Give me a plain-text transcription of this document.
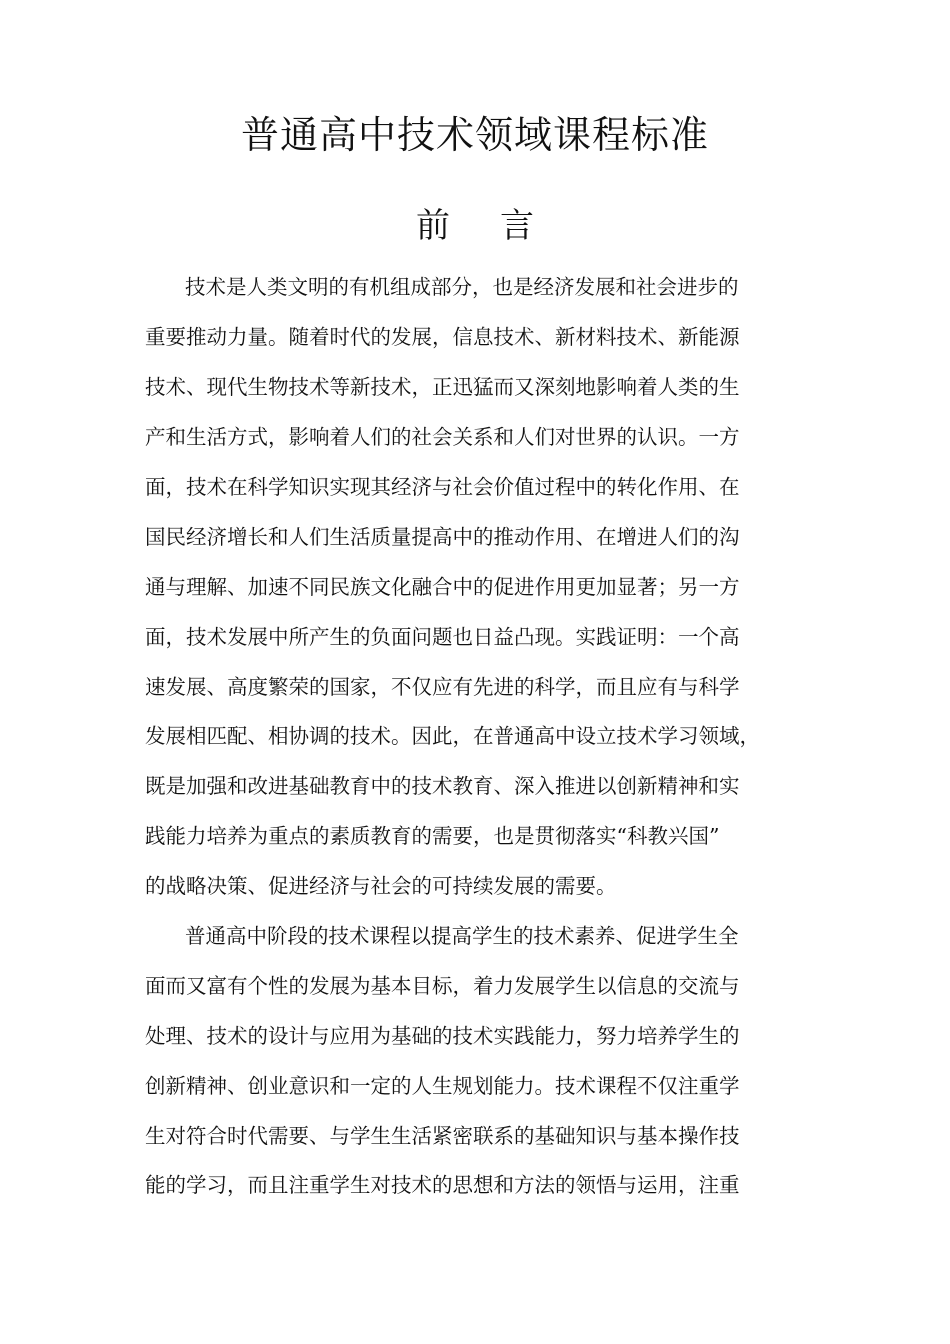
普通高中技术领域课程标准
前 言

技术是人类文明的有机组成部分，也是经济发展和社会进步的

重要推动力量。随着时代的发展，信息技术、新材料技术、新能源

技术、现代生物技术等新技术，正迅猛而又深刻地影响着人类的生

产和生活方式，影响着人们的社会关系和人们对世界的认识。一方

面，技术在科学知识实现其经济与社会价值过程中的转化作用、在

国民经济增长和人们生活质量提高中的推动作用、在增进人们的沟

通与理解、加速不同民族文化融合中的促进作用更加显著；另一方

面，技术发展中所产生的负面问题也日益凸现。实践证明：一个高

速发展、高度繁荣的国家，不仅应有先进的科学，而且应有与科学

发展相匹配、相协调的技术。因此，在普通高中设立技术学习领域，

既是加强和改进基础教育中的技术教育、深入推进以创新精神和实

践能力培养为重点的素质教育的需要，也是贯彻落实“科教兴国”

的战略决策、促进经济与社会的可持续发展的需要。

普通高中阶段的技术课程以提高学生的技术素养、促进学生全

面而又富有个性的发展为基本目标，着力发展学生以信息的交流与

处理、技术的设计与应用为基础的技术实践能力，努力培养学生的

创新精神、创业意识和一定的人生规划能力。技术课程不仅注重学

生对符合时代需要、与学生生活紧密联系的基础知识与基本操作技

能的学习，而且注重学生对技术的思想和方法的领悟与运用，注重
